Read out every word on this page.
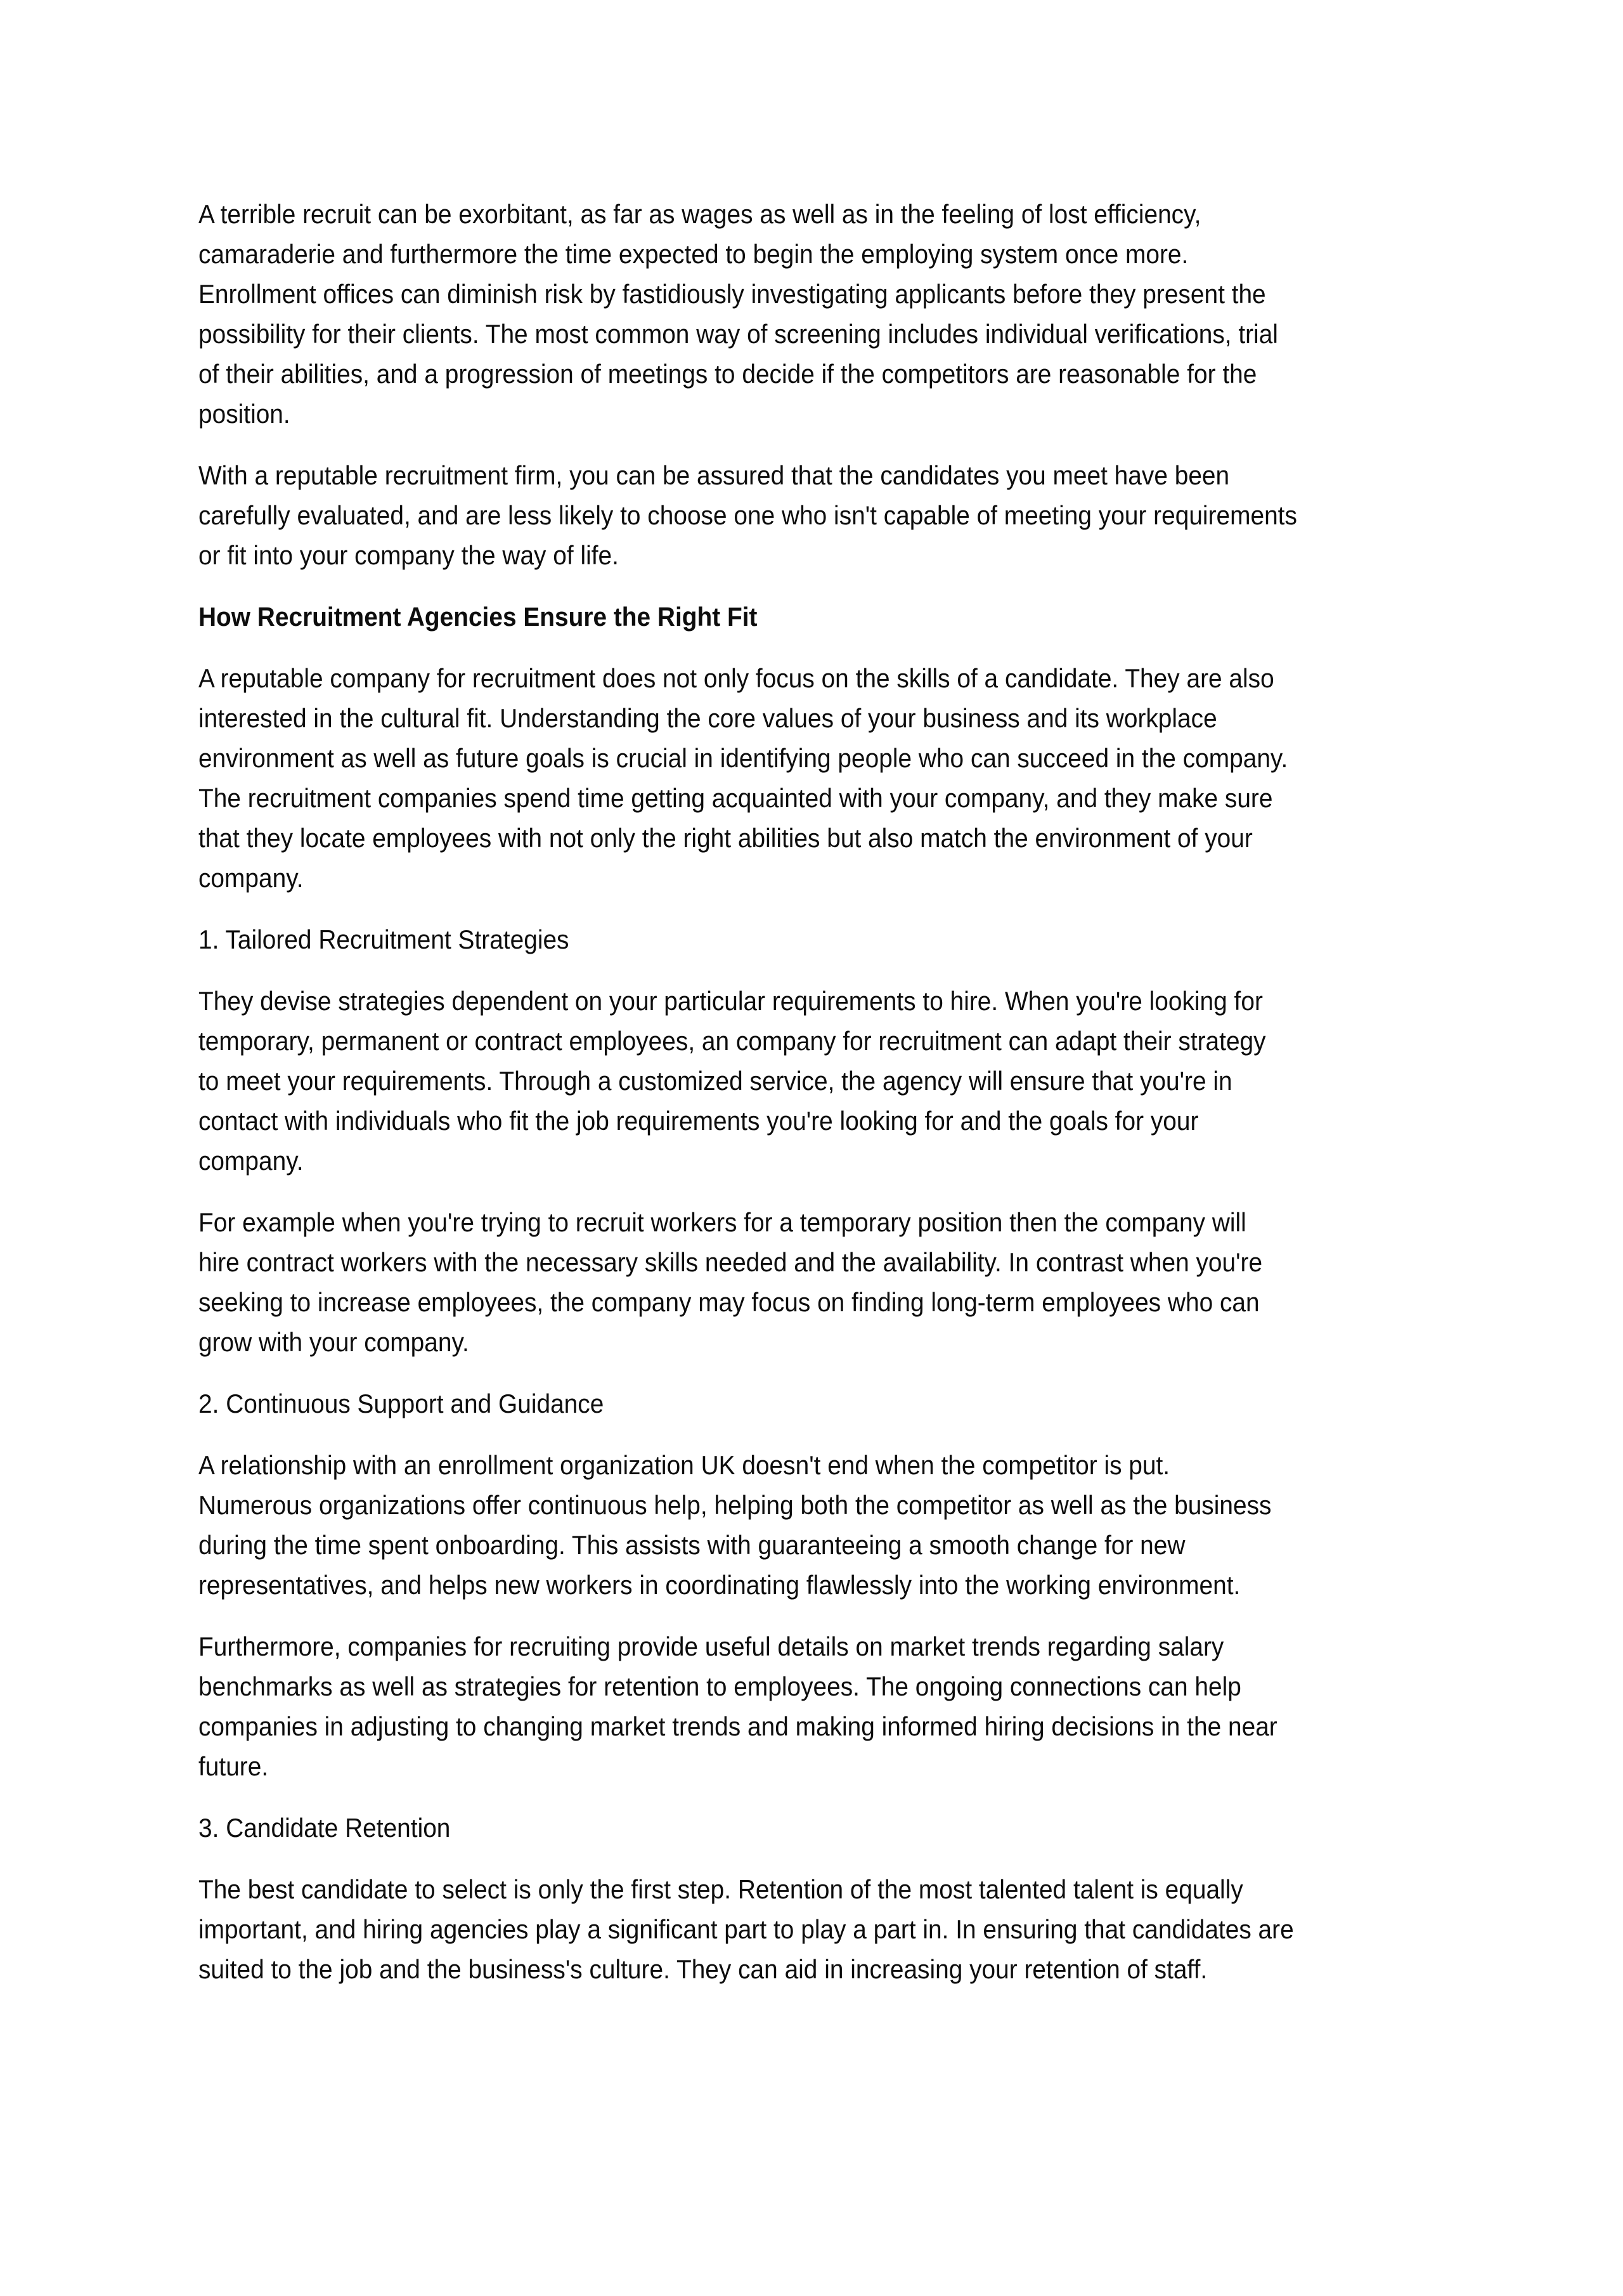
A terrible recruit can be exorbitant, as far as wages as well as in the feeling of lost efficiency,
camaraderie and furthermore the time expected to begin the employing system once more.
Enrollment offices can diminish risk by fastidiously investigating applicants before they present the
possibility for their clients. The most common way of screening includes individual verifications, trial
of their abilities, and a progression of meetings to decide if the competitors are reasonable for the
position.
With a reputable recruitment firm, you can be assured that the candidates you meet have been
carefully evaluated, and are less likely to choose one who isn't capable of meeting your requirements
or fit into your company the way of life.
How Recruitment Agencies Ensure the Right Fit
A reputable company for recruitment does not only focus on the skills of a candidate. They are also
interested in the cultural fit. Understanding the core values of your business and its workplace
environment as well as future goals is crucial in identifying people who can succeed in the company.
The recruitment companies spend time getting acquainted with your company, and they make sure
that they locate employees with not only the right abilities but also match the environment of your
company.
1. Tailored Recruitment Strategies
They devise strategies dependent on your particular requirements to hire. When you're looking for
temporary, permanent or contract employees, an company for recruitment can adapt their strategy
to meet your requirements. Through a customized service, the agency will ensure that you're in
contact with individuals who fit the job requirements you're looking for and the goals for your
company.
For example when you're trying to recruit workers for a temporary position then the company will
hire contract workers with the necessary skills needed and the availability. In contrast when you're
seeking to increase employees, the company may focus on finding long-term employees who can
grow with your company.
2. Continuous Support and Guidance
A relationship with an enrollment organization UK doesn't end when the competitor is put.
Numerous organizations offer continuous help, helping both the competitor as well as the business
during the time spent onboarding. This assists with guaranteeing a smooth change for new
representatives, and helps new workers in coordinating flawlessly into the working environment.
Furthermore, companies for recruiting provide useful details on market trends regarding salary
benchmarks as well as strategies for retention to employees. The ongoing connections can help
companies in adjusting to changing market trends and making informed hiring decisions in the near
future.
3. Candidate Retention
The best candidate to select is only the first step. Retention of the most talented talent is equally
important, and hiring agencies play a significant part to play a part in. In ensuring that candidates are
suited to the job and the business's culture. They can aid in increasing your retention of staff.
